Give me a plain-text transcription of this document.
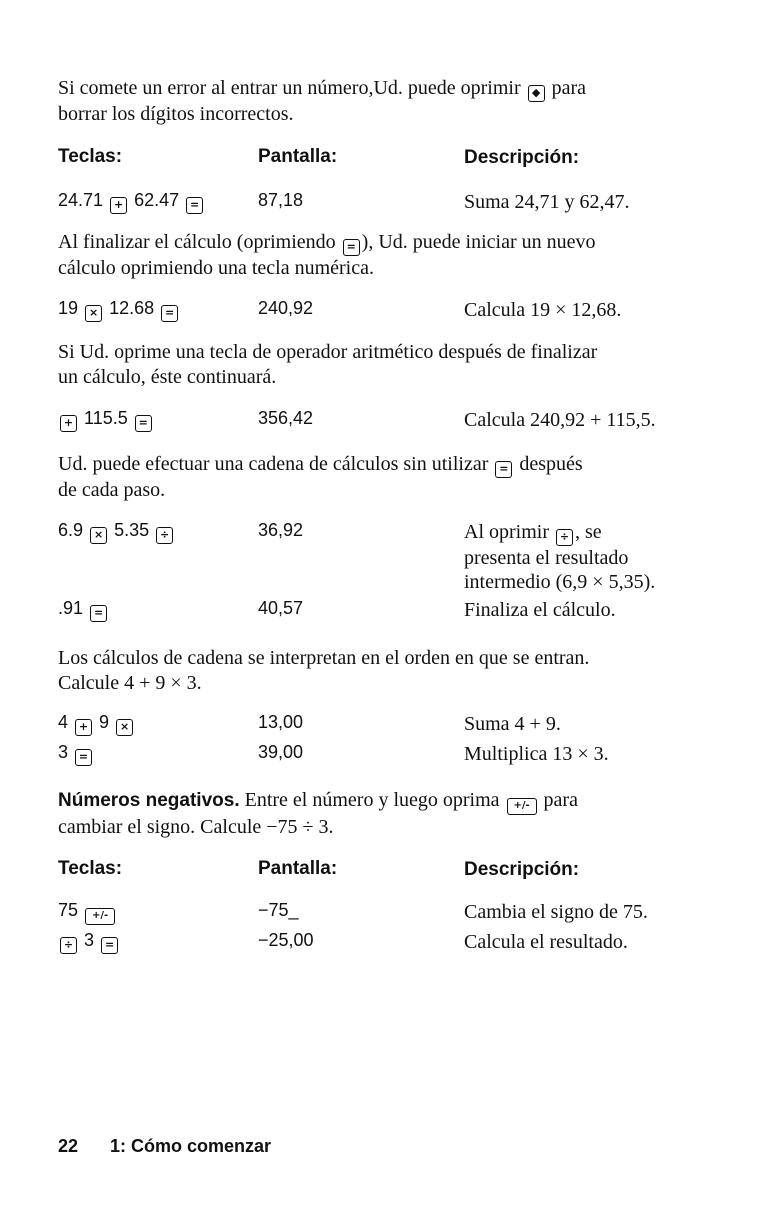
Si comete un error al entrar un número,Ud. puede oprimir ◆ para
borrar los dígitos incorrectos.
Teclas:	Pantalla:	Descripción:
24.71 + 62.47 =	87,18	Suma 24,71 y 62,47.
Al finalizar el cálculo (oprimiendo = ), Ud. puede iniciar un nuevo
cálculo oprimiendo una tecla numérica.
19 × 12.68 =	240,92	Calcula 19 × 12,68.
Si Ud. oprime una tecla de operador aritmético después de finalizar
un cálculo, éste continuará.
+ 115.5 =	356,42	Calcula 240,92 + 115,5.
Ud. puede efectuar una cadena de cálculos sin utilizar = después
de cada paso.
6.9 × 5.35 ÷	36,92	Al oprimir ÷ , se
presenta el resultado
intermedio (6,9 × 5,35).
.91 =	40,57	Finaliza el cálculo.
Los cálculos de cadena se interpretan en el orden en que se entran.
Calcule 4 + 9 × 3.
4 + 9 ×	13,00	Suma 4 + 9.
3 =	39,00	Multiplica 13 × 3.
Números negativos. Entre el número y luego oprima +/- para
cambiar el signo. Calcule −75 ÷ 3.
Teclas:	Pantalla:	Descripción:
75 +/-	−75_	Cambia el signo de 75.
÷ 3 =	−25,00	Calcula el resultado.
22 1: Cómo comenzar
